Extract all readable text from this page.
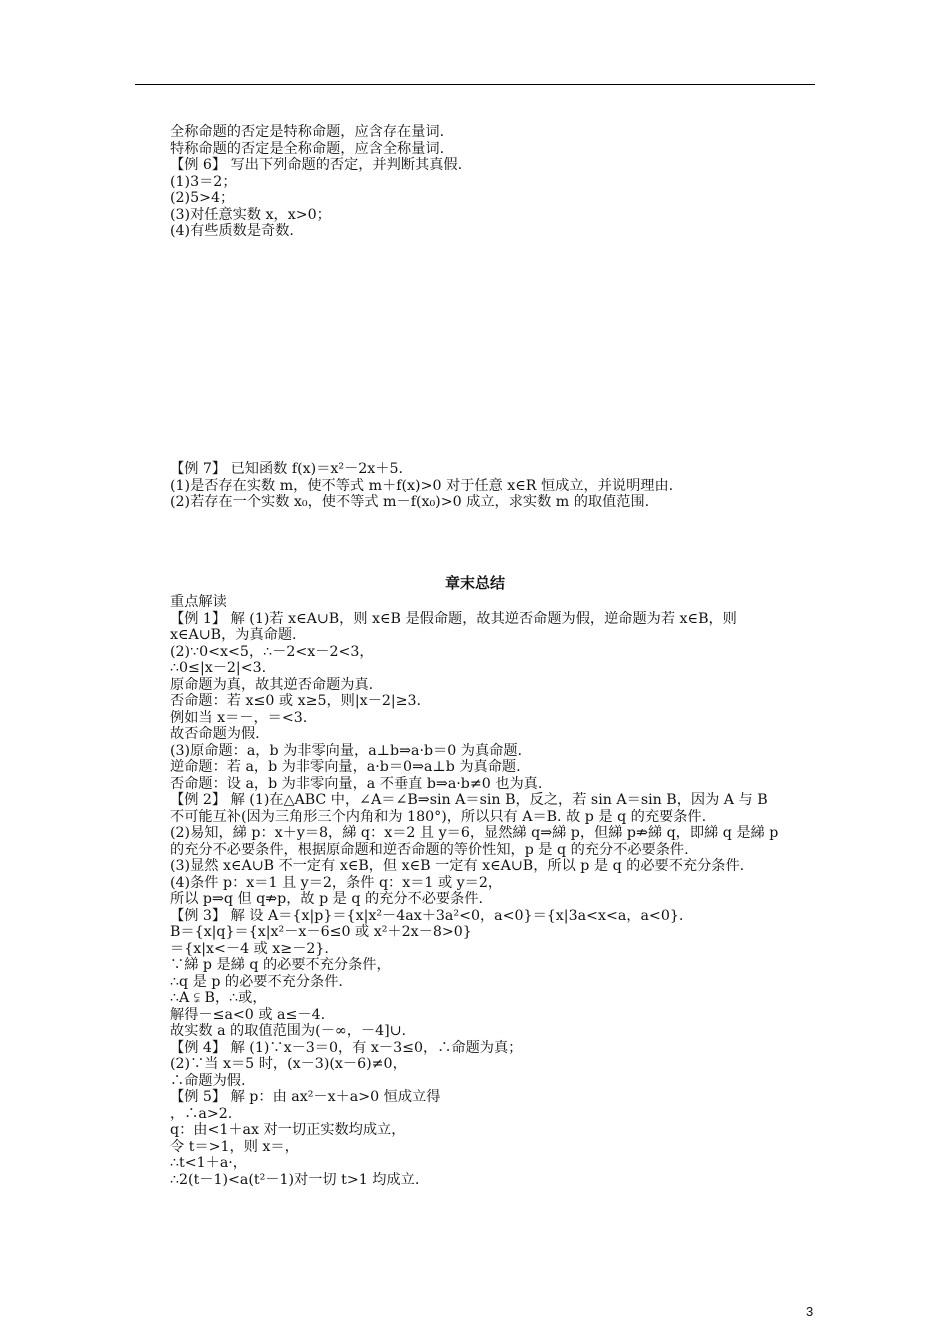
全称命题的否定是特称命题，应含存在量词.
特称命题的否定是全称命题，应含全称量词.
【例 6】 写出下列命题的否定，并判断其真假.
(1)3＝2；
(2)5>4；
(3)对任意实数 x，x>0；
(4)有些质数是奇数.
【例 7】 已知函数 f(x)＝x²－2x＋5.
(1)是否存在实数 m，使不等式 m＋f(x)>0 对于任意 x∈R 恒成立，并说明理由.
(2)若存在一个实数 x₀，使不等式 m－f(x₀)>0 成立，求实数 m 的取值范围.
章末总结
重点解读
【例 1】 解 (1)若 x∈A∪B，则 x∈B 是假命题，故其逆否命题为假，逆命题为若 x∈B，则
x∈A∪B，为真命题.
(2)∵0<x<5，∴－2<x－2<3，
∴0≤|x－2|<3.
原命题为真，故其逆否命题为真.
否命题：若 x≤0 或 x≥5，则|x－2|≥3.
例如当 x＝－，＝<3.
故否命题为假.
(3)原命题：a，b 为非零向量，a⊥b⇒a·b＝0 为真命题.
逆命题：若 a，b 为非零向量，a·b＝0⇒a⊥b 为真命题.
否命题：设 a，b 为非零向量，a 不垂直 b⇒a·b≠0 也为真.
【例 2】 解 (1)在△ABC 中，∠A＝∠B⇒sin A＝sin B，反之，若 sin A＝sin B，因为 A 与 B
不可能互补(因为三角形三个内角和为 180°)，所以只有 A＝B. 故 p 是 q 的充要条件.
(2)易知，綈 p：x＋y＝8，綈 q：x＝2 且 y＝6，显然綈 q⇒綈 p，但綈 p⇏綈 q，即綈 q 是綈 p
的充分不必要条件，根据原命题和逆否命题的等价性知，p 是 q 的充分不必要条件.
(3)显然 x∈A∪B 不一定有 x∈B，但 x∈B 一定有 x∈A∪B，所以 p 是 q 的必要不充分条件.
(4)条件 p：x＝1 且 y＝2，条件 q：x＝1 或 y＝2，
所以 p⇒q 但 q⇏p，故 p 是 q 的充分不必要条件.
【例 3】 解 设 A＝{x|p}＝{x|x²－4ax＋3a²<0，a<0}＝{x|3a<x<a，a<0}.
B＝{x|q}＝{x|x²－x－6≤0 或 x²＋2x－8>0}
＝{x|x<－4 或 x≥－2}.
∵綈 p 是綈 q 的必要不充分条件，
∴q 是 p 的必要不充分条件.
∴A ⫋ B，∴或，
解得－≤a<0 或 a≤－4.
故实数 a 的取值范围为(－∞，－4]∪.
【例 4】 解 (1)∵x－3＝0，有 x－3≤0，∴命题为真；
(2)∵当 x＝5 时，(x－3)(x－6)≠0，
∴命题为假.
【例 5】 解 p：由 ax²－x＋a>0 恒成立得
，∴a>2.
q：由<1＋ax 对一切正实数均成立，
令 t＝>1，则 x＝，
∴t<1＋a·，
∴2(t－1)<a(t²－1)对一切 t>1 均成立.
3
